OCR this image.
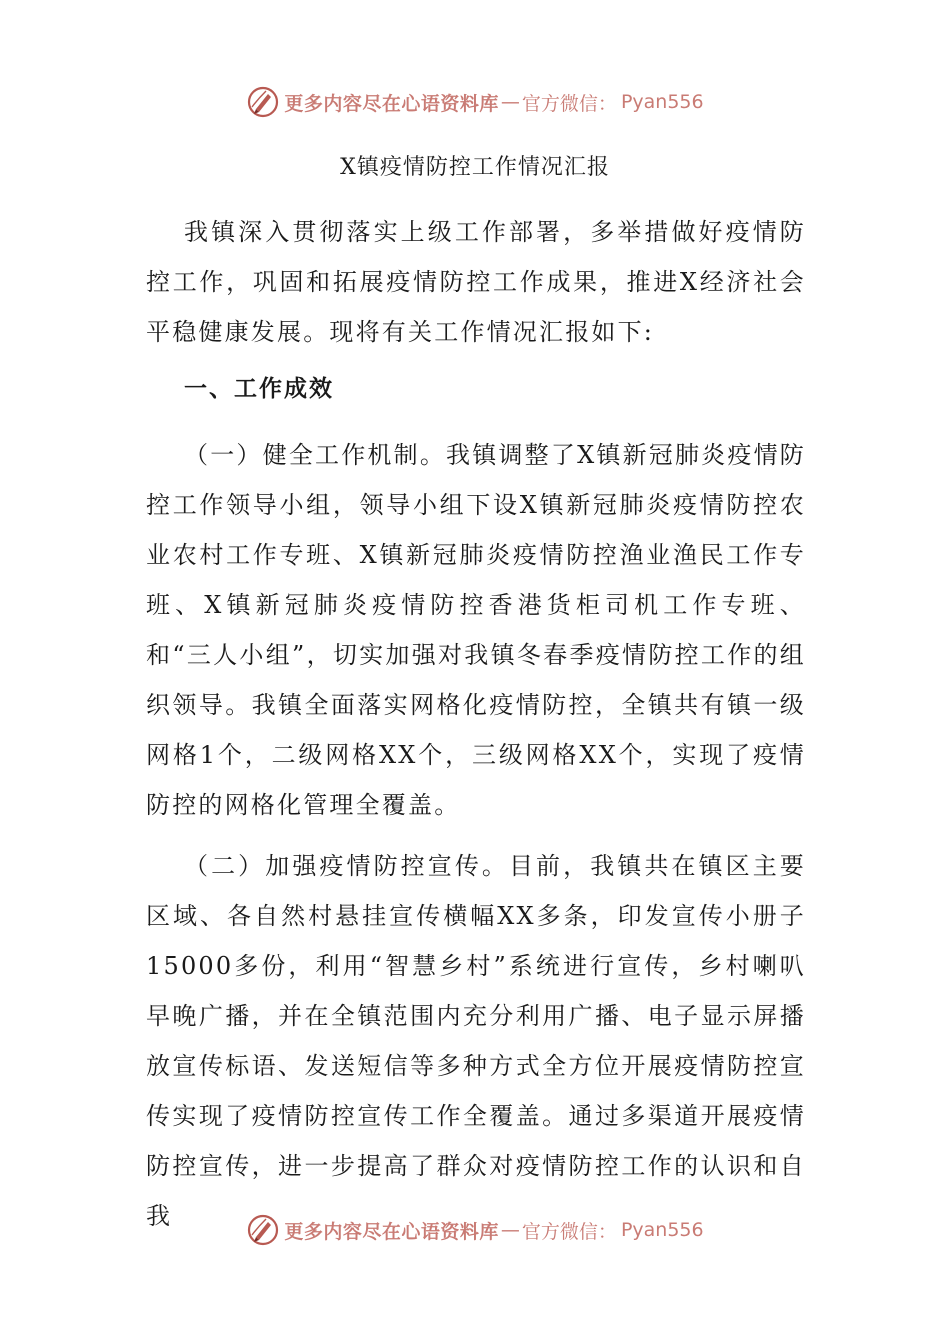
更多内容尽在心语资料库 — 官方微信： Pyan556
X镇疫情防控工作情况汇报

我镇深入贯彻落实上级工作部署，多举措做好疫情防控工作，巩固和拓展疫情防控工作成果，推进X经济社会平稳健康发展。现将有关工作情况汇报如下:

一、工作成效

（一）健全工作机制。我镇调整了X镇新冠肺炎疫情防控工作领导小组，领导小组下设X镇新冠肺炎疫情防控农业农村工作专班、X镇新冠肺炎疫情防控渔业渔民工作专班、X镇新冠肺炎疫情防控香港货柜司机工作专班、和“三人小组”，切实加强对我镇冬春季疫情防控工作的组织领导。我镇全面落实网格化疫情防控，全镇共有镇一级网格1个，二级网格XX个，三级网格XX个，实现了疫情防控的网格化管理全覆盖。

（二）加强疫情防控宣传。目前，我镇共在镇区主要区域、各自然村悬挂宣传横幅XX多条，印发宣传小册子15000多份，利用“智慧乡村”系统进行宣传，乡村喇叭早晚广播，并在全镇范围内充分利用广播、电子显示屏播放宣传标语、发送短信等多种方式全方位开展疫情防控宣传实现了疫情防控宣传工作全覆盖。通过多渠道开展疫情防控宣传，进一步提高了群众对疫情防控工作的认识和自我

更多内容尽在心语资料库 — 官方微信： Pyan556
